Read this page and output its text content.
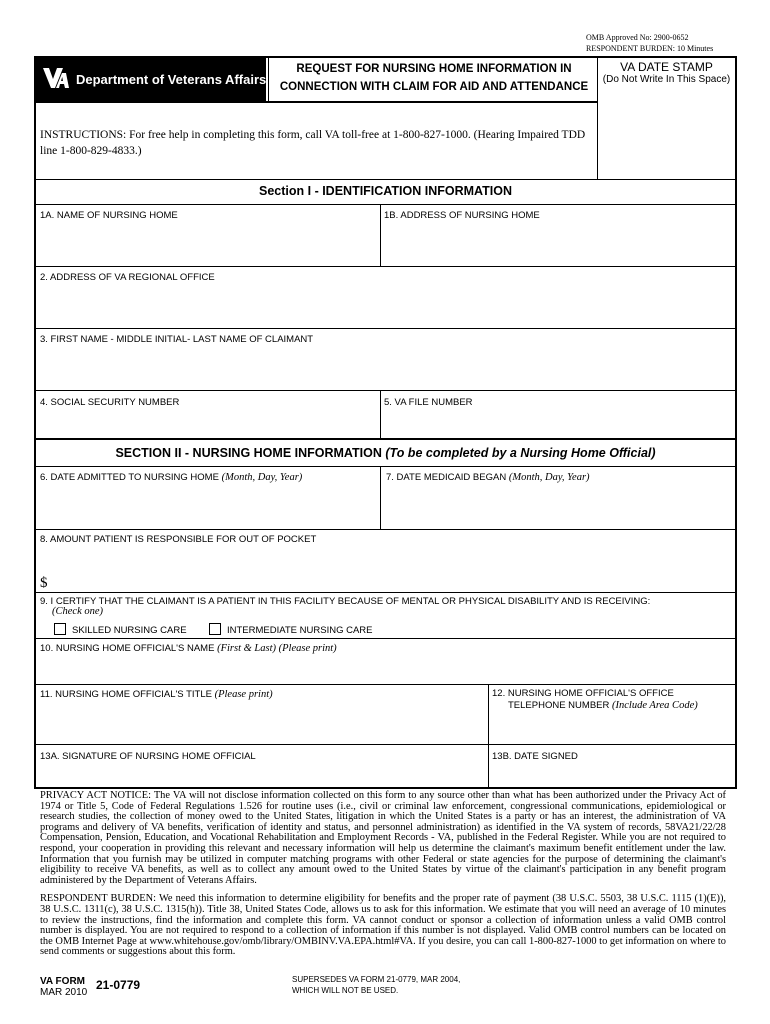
OMB Approved No: 2900-0652
RESPONDENT BURDEN: 10 Minutes
Department of Veterans Affairs
REQUEST FOR NURSING HOME INFORMATION IN
CONNECTION WITH CLAIM FOR AID AND ATTENDANCE
VA DATE STAMP
(Do Not Write In This Space)
INSTRUCTIONS: For free help in completing this form, call VA toll-free at 1-800-827-1000. (Hearing Impaired TDD
line 1-800-829-4833.)
Section I - IDENTIFICATION INFORMATION
1A. NAME OF NURSING HOME	1B. ADDRESS OF NURSING HOME
2. ADDRESS OF VA REGIONAL OFFICE
3. FIRST NAME - MIDDLE INITIAL- LAST NAME OF CLAIMANT
4. SOCIAL SECURITY NUMBER	5. VA FILE NUMBER
SECTION II - NURSING HOME INFORMATION (To be completed by a Nursing Home Official)
6. DATE ADMITTED TO NURSING HOME (Month, Day, Year)	7. DATE MEDICAID BEGAN (Month, Day, Year)
8. AMOUNT PATIENT IS RESPONSIBLE FOR OUT OF POCKET
$
9. I CERTIFY THAT THE CLAIMANT IS A PATIENT IN THIS FACILITY BECAUSE OF MENTAL OR PHYSICAL DISABILITY AND IS RECEIVING:
(Check one)
SKILLED NURSING CARE	INTERMEDIATE NURSING CARE
10. NURSING HOME OFFICIAL'S NAME (First & Last) (Please print)
11. NURSING HOME OFFICIAL'S TITLE (Please print)	12. NURSING HOME OFFICIAL'S OFFICE
TELEPHONE NUMBER (Include Area Code)
13A. SIGNATURE OF NURSING HOME OFFICIAL	13B. DATE SIGNED

PRIVACY ACT NOTICE: The VA will not disclose information collected on this form to any source other than what has been authorized under the Privacy Act of 1974 or Title 5, Code of Federal Regulations 1.526 for routine uses (i.e., civil or criminal law enforcement, congressional communications, epidemiological or research studies, the collection of money owed to the United States, litigation in which the United States is a party or has an interest, the administration of VA programs and delivery of VA benefits, verification of identity and status, and personnel administration) as identified in the VA system of records, 58VA21/22/28 Compensation, Pension, Education, and Vocational Rehabilitation and Employment Records - VA, published in the Federal Register. While you are not required to respond, your cooperation in providing this relevant and necessary information will help us determine the claimant's maximum benefit entitlement under the law. Information that you furnish may be utilized in computer matching programs with other Federal or state agencies for the purpose of determining the claimant's eligibility to receive VA benefits, as well as to collect any amount owed to the United States by virtue of the claimant's participation in any benefit program administered by the Department of Veterans Affairs.

RESPONDENT BURDEN: We need this information to determine eligibility for benefits and the proper rate of payment (38 U.S.C. 5503, 38 U.S.C. 1115 (1)(E)), 38 U.S.C. 1311(c), 38 U.S.C. 1315(h)). Title 38, United States Code, allows us to ask for this information. We estimate that you will need an average of 10 minutes to review the instructions, find the information and complete this form. VA cannot conduct or sponsor a collection of information unless a valid OMB control number is displayed. You are not required to respond to a collection of information if this number is not displayed. Valid OMB control numbers can be located on the OMB Internet Page at www.whitehouse.gov/omb/library/OMBINV.VA.EPA.html#VA. If you desire, you can call 1-800-827-1000 to get information on where to send comments or suggestions about this form.

VA FORM
MAR 2010
21-0779	SUPERSEDES VA FORM 21-0779, MAR 2004,
WHICH WILL NOT BE USED.
